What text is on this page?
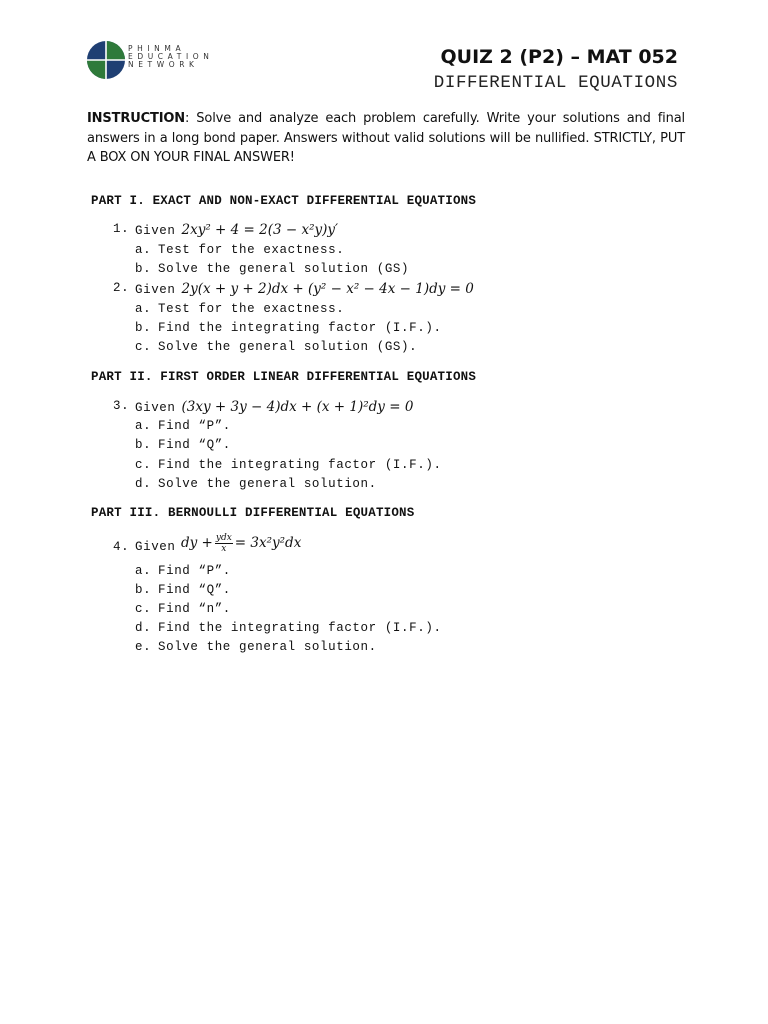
PHINMA
EDUCATION
NETWORK	QUIZ 2 (P2) – MAT 052
DIFFERENTIAL EQUATIONS
INSTRUCTION: Solve and analyze each problem carefully. Write your solutions and final answers in a long bond paper. Answers without valid solutions will be nullified. STRICTLY, PUT A BOX ON YOUR FINAL ANSWER!
PART I. EXACT AND NON-EXACT DIFFERENTIAL EQUATIONS
1. Given 2xy² + 4 = 2(3 − x²y)y′
a. Test for the exactness.
b. Solve the general solution (GS)
2. Given 2y(x + y + 2)dx + (y² − x² − 4x − 1)dy = 0
a. Test for the exactness.
b. Find the integrating factor (I.F.).
c. Solve the general solution (GS).
PART II. FIRST ORDER LINEAR DIFFERENTIAL EQUATIONS
3. Given (3xy + 3y − 4)dx + (x + 1)²dy = 0
a. Find “P”.
b. Find “Q”.
c. Find the integrating factor (I.F.).
d. Solve the general solution.
PART III. BERNOULLI DIFFERENTIAL EQUATIONS
4. Given dy + $\frac{\text{ydx}}{x} = 3x^2y^2dx$
a. Find “P”.
b. Find “Q”.
c. Find “n”.
d. Find the integrating factor (I.F.).
e. Solve the general solution.
